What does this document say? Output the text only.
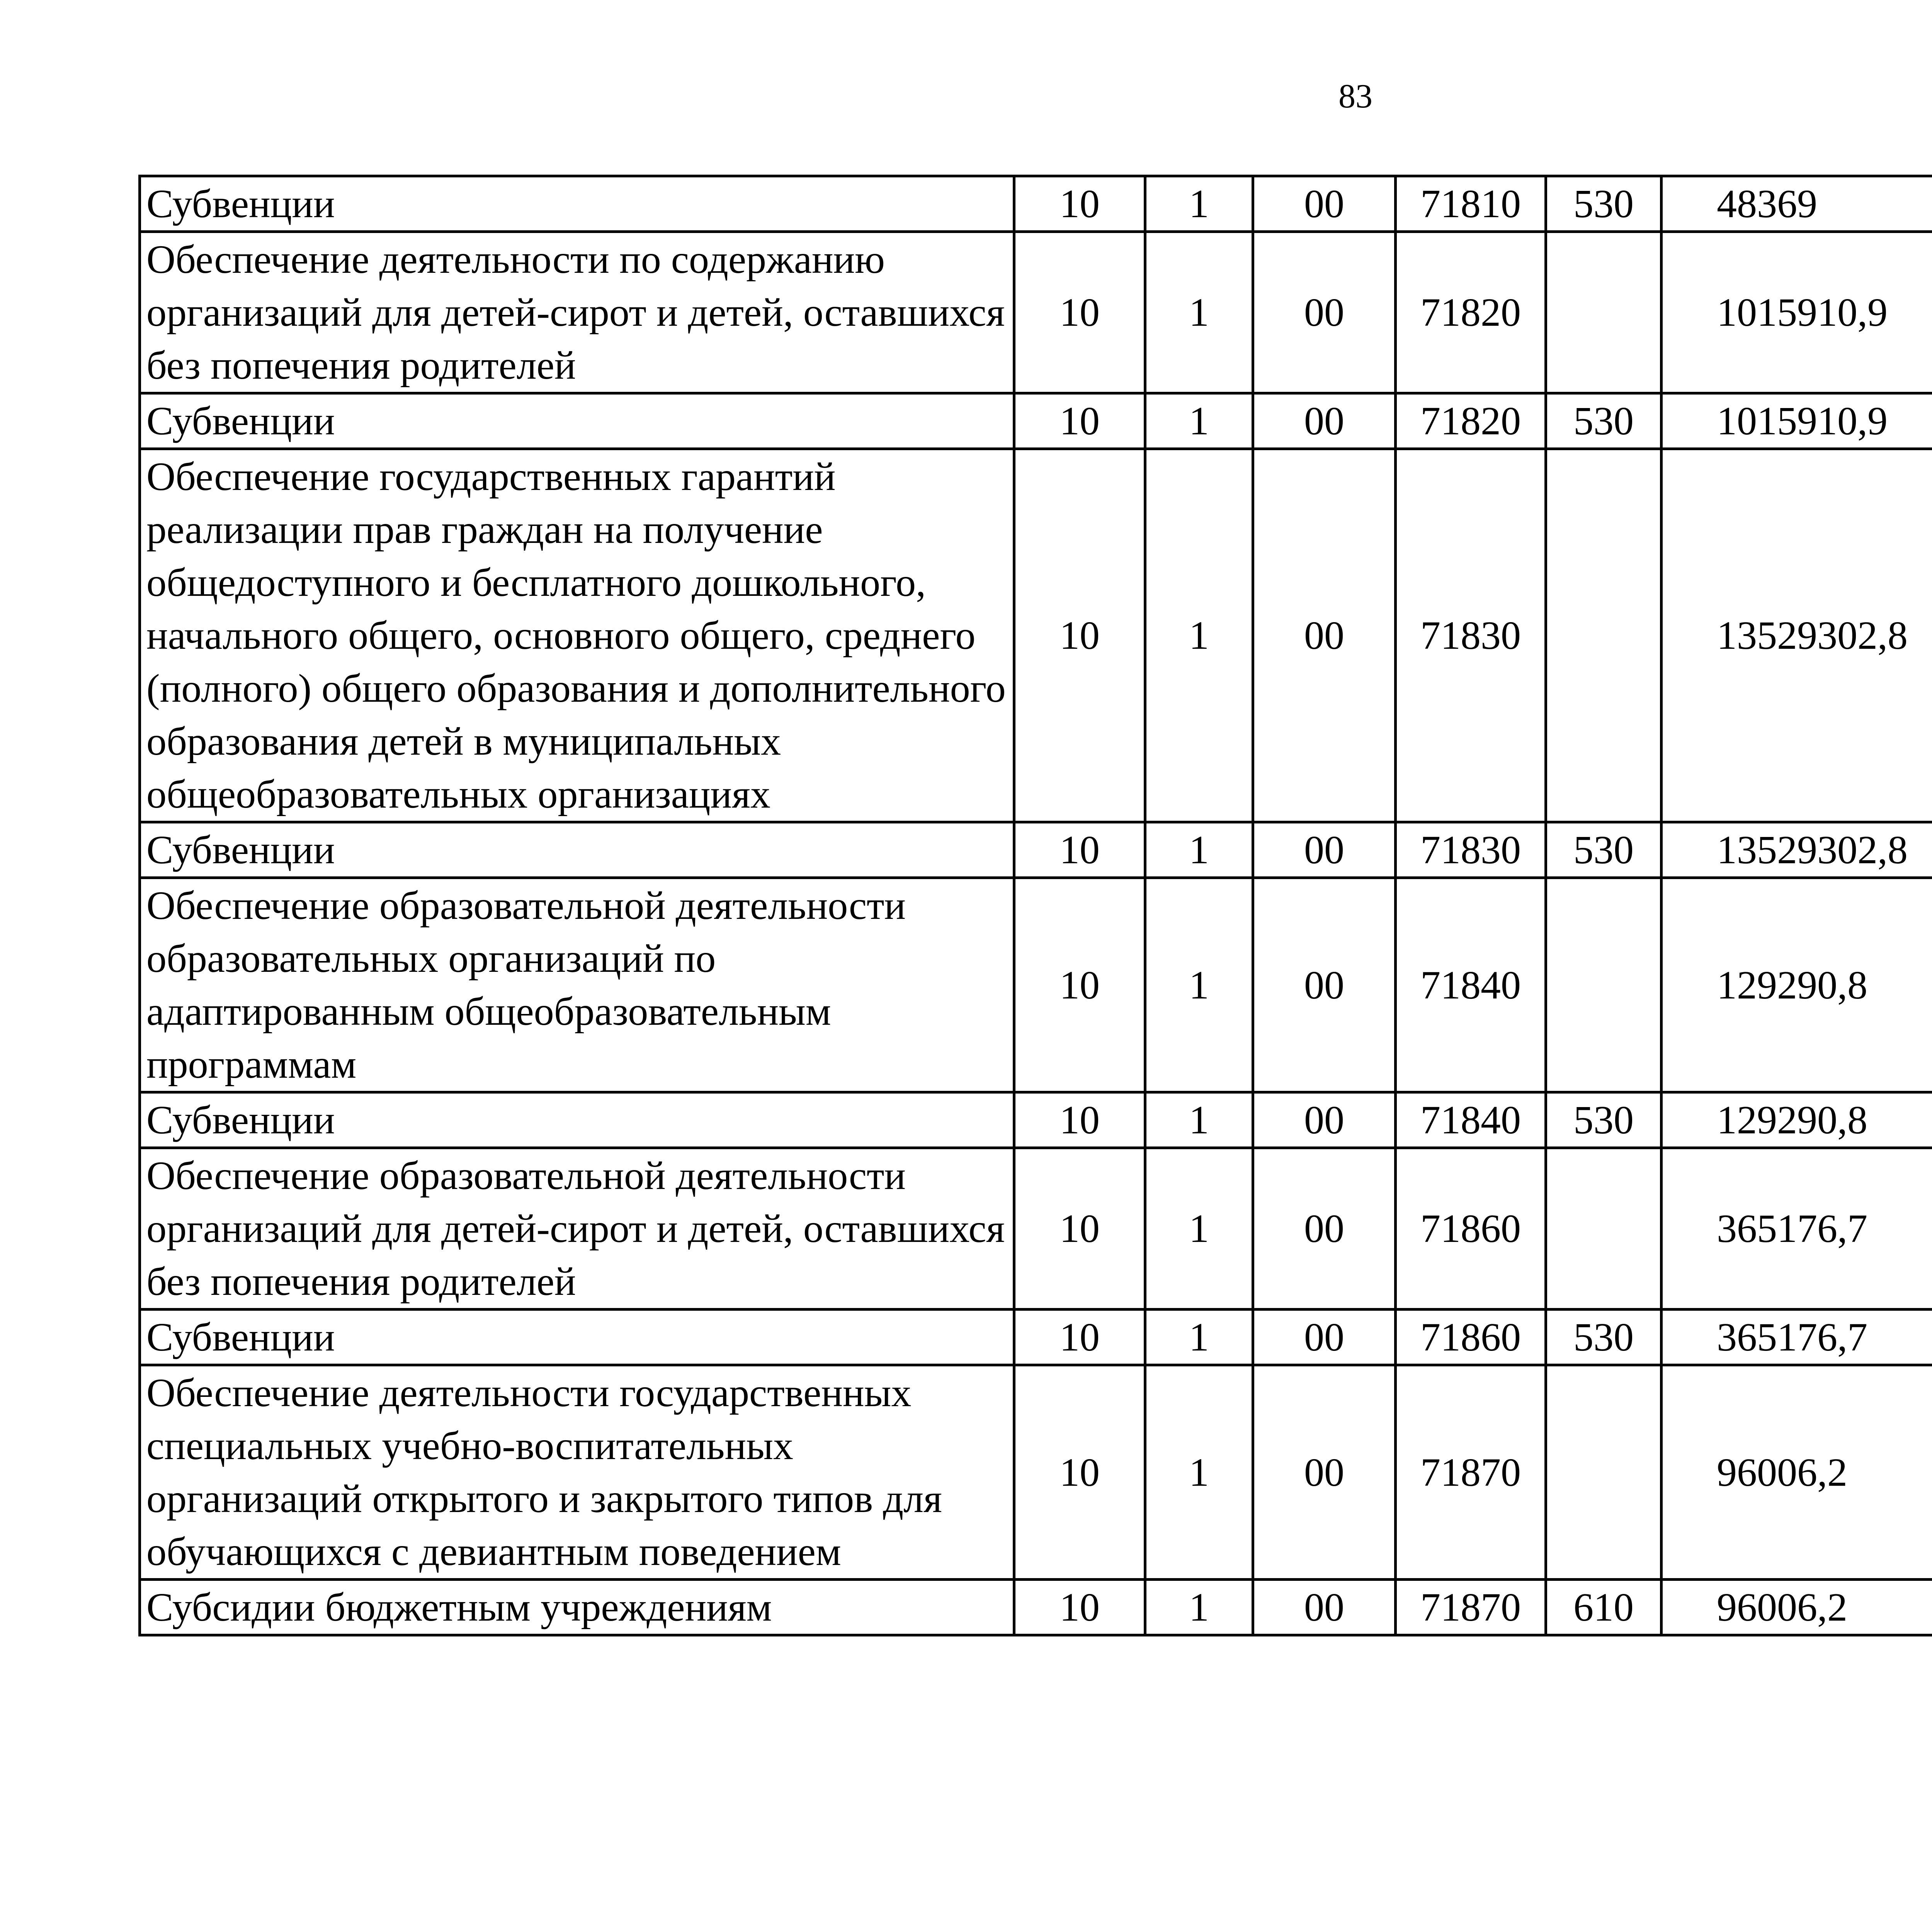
83
Субвенции	10	1	00	71810	530	48369		
Обеспечение деятельности по содержанию организаций для детей-сирот и детей, оставшихся без попечения родителей	10	1	00	71820		1015910,9		
Субвенции	10	1	00	71820	530	1015910,9		
Обеспечение государственных гарантий реализации прав граждан на получение общедоступного и бесплатного дошкольного, начального общего, основного общего, среднего (полного) общего образования и дополнительного образования детей в муниципальных общеобразовательных организациях	10	1	00	71830		13529302,8		
Субвенции	10	1	00	71830	530	13529302,8		
Обеспечение образовательной деятельности образовательных организаций по адаптированным общеобразовательным программам	10	1	00	71840		129290,8		
Субвенции	10	1	00	71840	530	129290,8		
Обеспечение образовательной деятельности организаций для детей-сирот и детей, оставшихся без попечения родителей	10	1	00	71860		365176,7		
Субвенции	10	1	00	71860	530	365176,7		
Обеспечение деятельности государственных специальных учебно-воспитательных организаций открытого и закрытого типов для обучающихся с девиантным поведением	10	1	00	71870		96006,2		
Субсидии бюджетным учреждениям	10	1	00	71870	610	96006,2		
